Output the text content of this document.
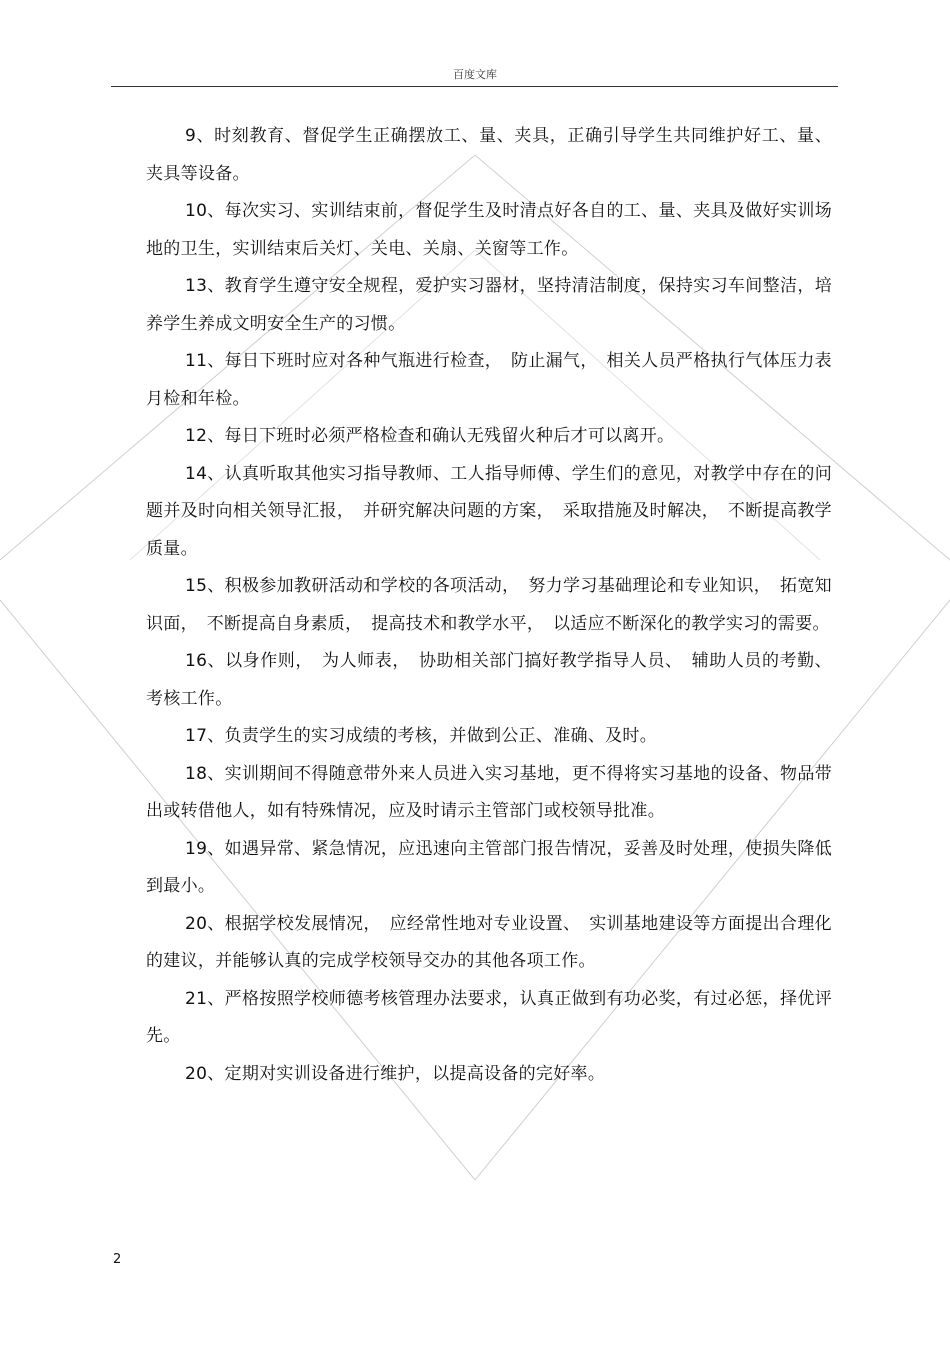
百度文库

9、时刻教育、督促学生正确摆放工、量、夹具，正确引导学生共同维护好工、量、夹具等设备。

10、每次实习、实训结束前，督促学生及时清点好各自的工、量、夹具及做好实训场地的卫生，实训结束后关灯、关电、关扇、关窗等工作。

13、教育学生遵守安全规程，爱护实习器材，坚持清洁制度，保持实习车间整洁，培养学生养成文明安全生产的习惯。

11、每日下班时应对各种气瓶进行检查，　防止漏气，　相关人员严格执行气体压力表月检和年检。

12、每日下班时必须严格检查和确认无残留火种后才可以离开。

14、认真听取其他实习指导教师、工人指导师傅、学生们的意见，对教学中存在的问题并及时向相关领导汇报，　并研究解决问题的方案，　采取措施及时解决，　不断提高教学质量。

15、积极参加教研活动和学校的各项活动，　努力学习基础理论和专业知识，　拓宽知识面，　不断提高自身素质，　提高技术和教学水平，　以适应不断深化的教学实习的需要。

16、以身作则，　为人师表，　协助相关部门搞好教学指导人员、　辅助人员的考勤、考核工作。

17、负责学生的实习成绩的考核，并做到公正、准确、及时。

18、实训期间不得随意带外来人员进入实习基地，更不得将实习基地的设备、物品带出或转借他人，如有特殊情况，应及时请示主管部门或校领导批准。

19、如遇异常、紧急情况，应迅速向主管部门报告情况，妥善及时处理，使损失降低到最小。

20、根据学校发展情况，　应经常性地对专业设置、　实训基地建设等方面提出合理化的建议，并能够认真的完成学校领导交办的其他各项工作。

21、严格按照学校师德考核管理办法要求，认真正做到有功必奖，有过必惩，择优评先。

20、定期对实训设备进行维护，以提高设备的完好率。

2
